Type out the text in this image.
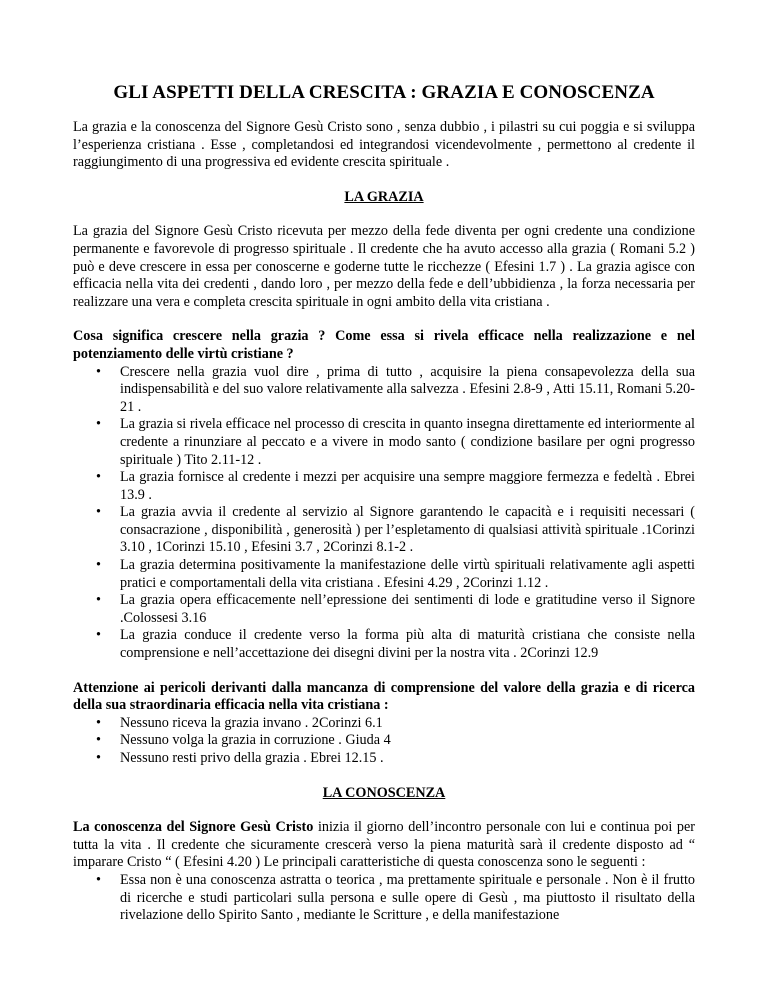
GLI ASPETTI DELLA CRESCITA : GRAZIA E CONOSCENZA

La grazia e la conoscenza del Signore Gesù Cristo sono , senza dubbio , i pilastri su cui poggia e si sviluppa l’esperienza cristiana . Esse , completandosi ed integrandosi vicendevolmente , permettono al credente il raggiungimento di una progressiva ed evidente crescita spirituale .

LA GRAZIA

La grazia del Signore Gesù Cristo ricevuta per mezzo della fede diventa per ogni credente una condizione permanente e favorevole di progresso spirituale . Il credente che ha avuto accesso alla grazia ( Romani 5.2 ) può e deve crescere in essa per conoscerne e goderne tutte le ricchezze ( Efesini 1.7 ) . La grazia agisce con efficacia nella vita dei credenti , dando loro , per mezzo della fede e dell’ubbidienza , la forza necessaria per realizzare una vera e completa crescita spirituale in ogni ambito della vita cristiana .

Cosa significa crescere nella grazia ? Come essa si rivela efficace nella realizzazione e nel potenziamento delle virtù cristiane ?

• Crescere nella grazia vuol dire , prima di tutto , acquisire la piena consapevolezza della sua indispensabilità e del suo valore relativamente alla salvezza . Efesini 2.8-9 , Atti 15.11, Romani 5.20-21 .
• La grazia si rivela efficace nel processo di crescita in quanto insegna direttamente ed interiormente al credente a rinunziare al peccato e a vivere in modo santo ( condizione basilare per ogni progresso spirituale ) Tito 2.11-12 .
• La grazia fornisce al credente i mezzi per acquisire una sempre maggiore fermezza e fedeltà . Ebrei 13.9 .
• La grazia avvia il credente al servizio al Signore garantendo le capacità e i requisiti necessari ( consacrazione , disponibilità , generosità ) per l’espletamento di qualsiasi attività spirituale .1Corinzi 3.10 , 1Corinzi 15.10 , Efesini 3.7 , 2Corinzi 8.1-2 .
• La grazia determina positivamente la manifestazione delle virtù spirituali relativamente agli aspetti pratici e comportamentali della vita cristiana . Efesini 4.29 , 2Corinzi 1.12 .
• La grazia opera efficacemente nell’epressione dei sentimenti di lode e gratitudine verso il Signore .Colossesi 3.16
• La grazia conduce il credente verso la forma più alta di maturità cristiana che consiste nella comprensione e nell’accettazione dei disegni divini per la nostra vita . 2Corinzi 12.9

Attenzione ai pericoli derivanti dalla mancanza di comprensione del valore della grazia e di ricerca della sua straordinaria efficacia nella vita cristiana :

• Nessuno riceva la grazia invano . 2Corinzi 6.1
• Nessuno volga la grazia in corruzione . Giuda 4
• Nessuno resti privo della grazia . Ebrei 12.15 .
LA CONOSCENZA

La conoscenza del Signore Gesù Cristo inizia il giorno dell’incontro personale con lui e continua poi per tutta la vita . Il credente che sicuramente crescerà verso la piena maturità sarà il credente disposto ad “ imparare Cristo “ ( Efesini 4.20 ) Le principali caratteristiche di questa conoscenza sono le seguenti :

• Essa non è una conoscenza astratta o teorica , ma prettamente spirituale e personale . Non è il frutto di ricerche e studi particolari sulla persona e sulle opere di Gesù , ma piuttosto il risultato della rivelazione dello Spirito Santo , mediante le Scritture , e della manifestazione
